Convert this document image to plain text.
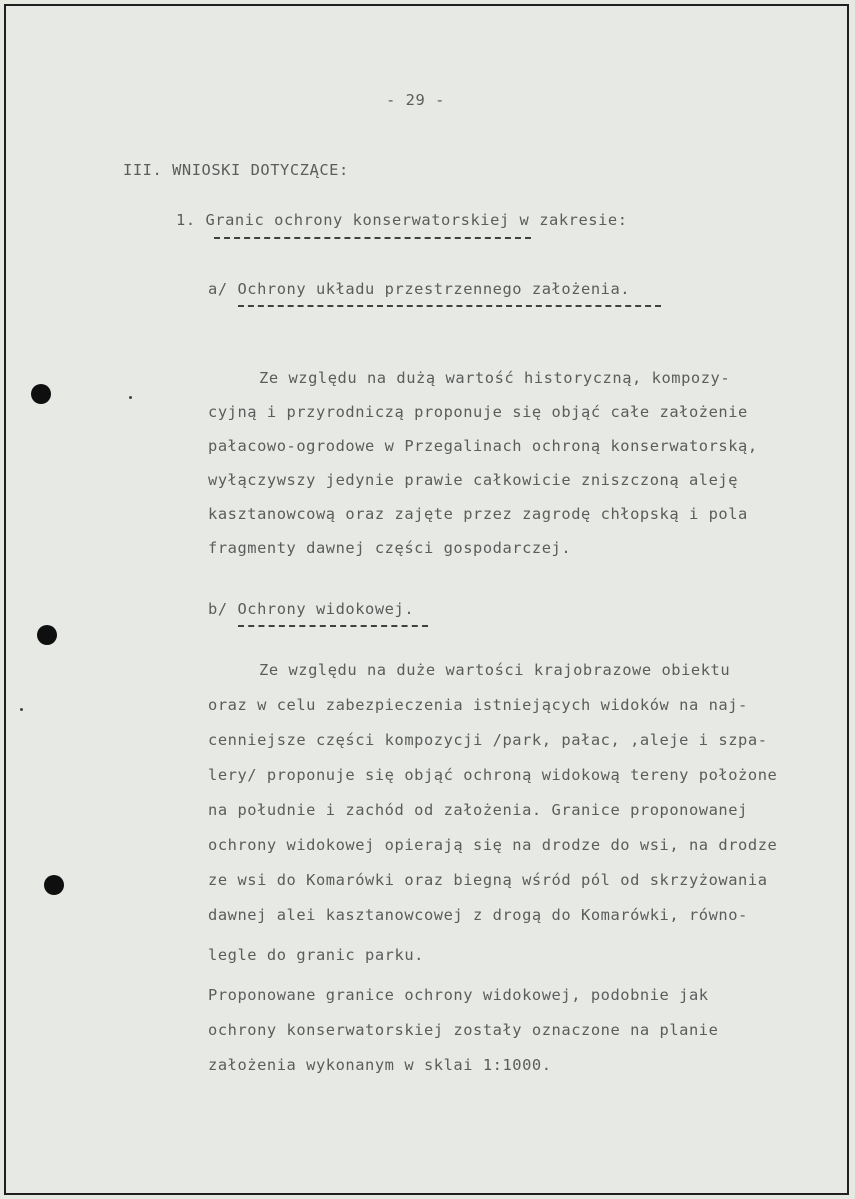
- 29 -
III. WNIOSKI DOTYCZĄCE:
1. Granic ochrony konserwatorskiej w zakresie:
a/ Ochrony układu przestrzennego założenia.
Ze względu na dużą wartość historyczną, kompozy-
cyjną i przyrodniczą proponuje się objąć całe założenie
pałacowo-ogrodowe w Przegalinach ochroną konserwatorską,
wyłączywszy jedynie prawie całkowicie zniszczoną aleję
kasztanowcową oraz zajęte przez zagrodę chłopską i pola
fragmenty dawnej części gospodarczej.
b/ Ochrony widokowej.
Ze względu na duże wartości krajobrazowe obiektu
oraz w celu zabezpieczenia istniejących widoków na naj-
cenniejsze części kompozycji /park, pałac, ,aleje i szpa-
lery/ proponuje się objąć ochroną widokową tereny położone
na południe i zachód od założenia. Granice proponowanej
ochrony widokowej opierają się na drodze do wsi, na drodze
ze wsi do Komarówki oraz biegną wśród pól od skrzyżowania
dawnej alei kasztanowcowej z drogą do Komarówki, równo-
legle do granic parku.
Proponowane granice ochrony widokowej, podobnie jak
ochrony konserwatorskiej zostały oznaczone na planie
założenia wykonanym w sklai 1:1000.
